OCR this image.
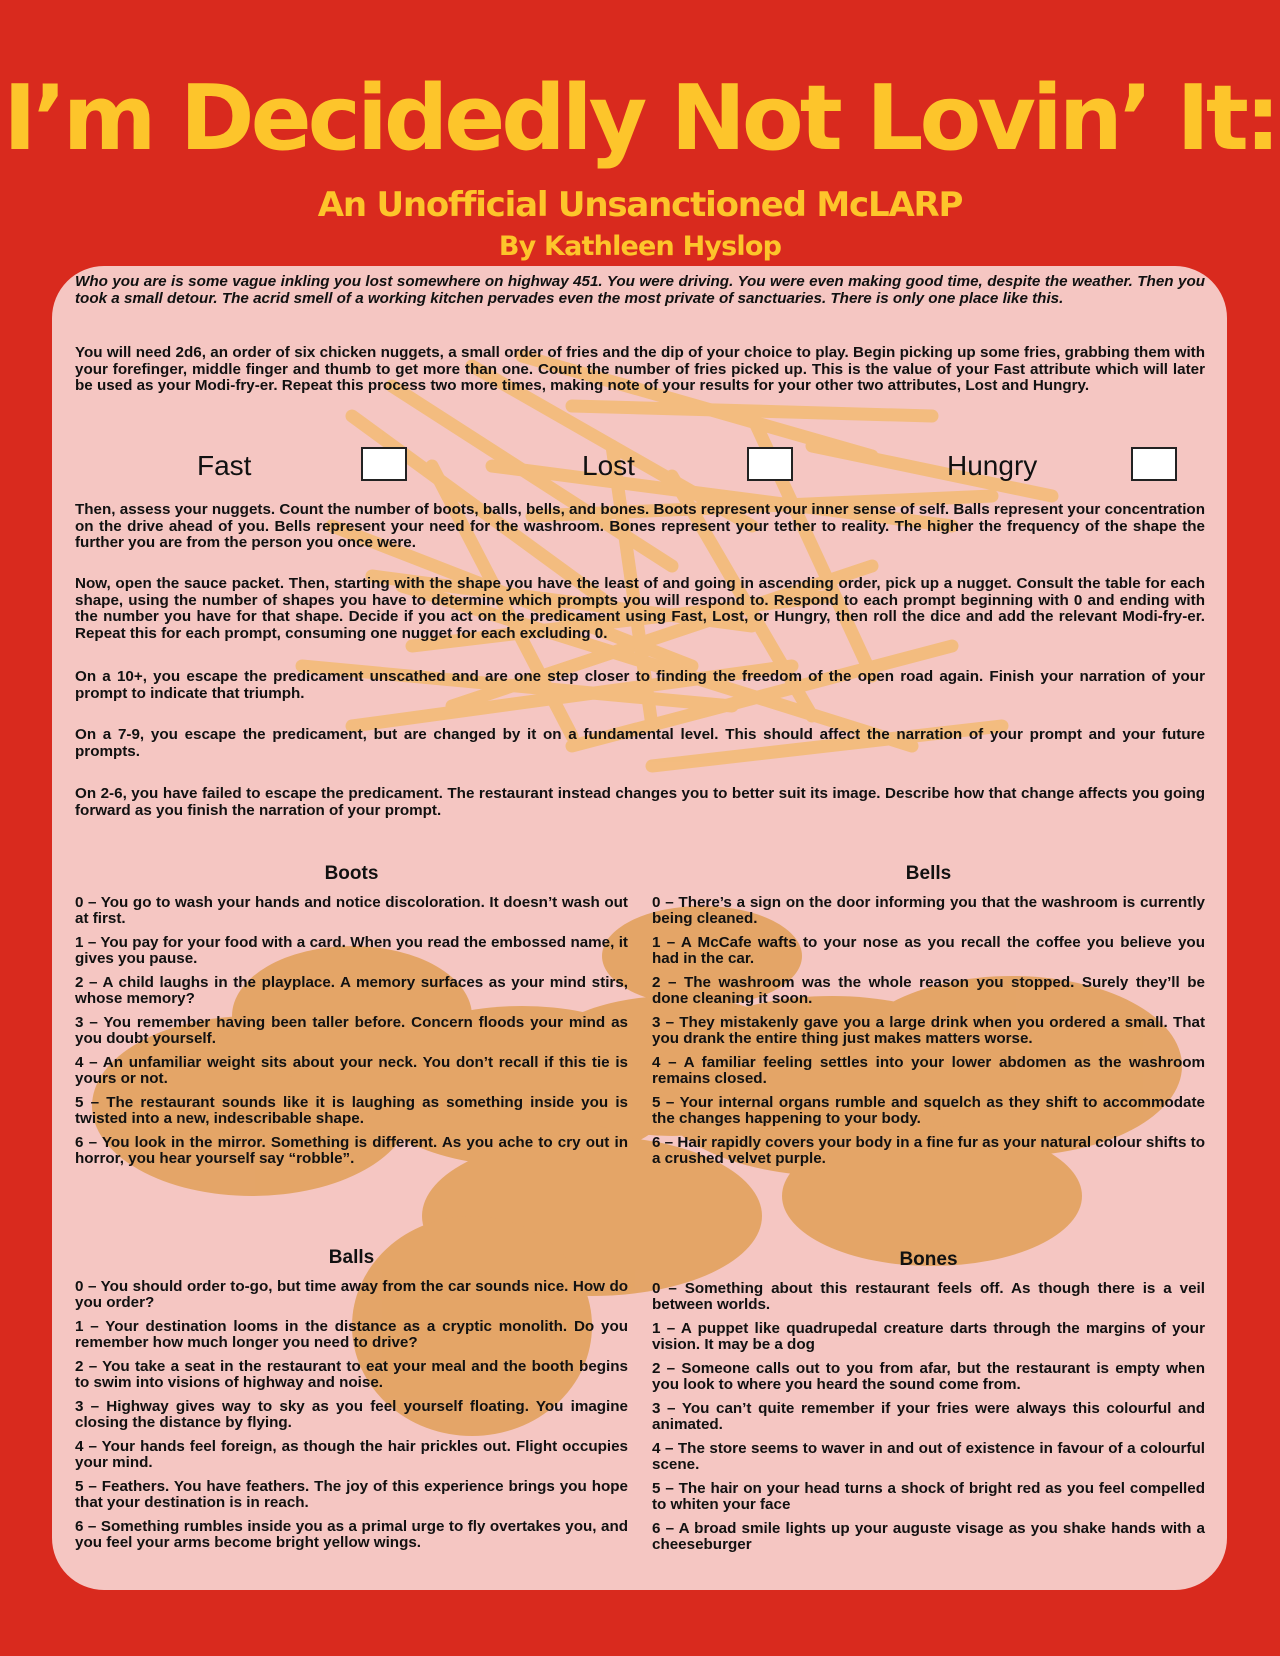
I’m Decidedly Not Lovin’ It:
An Unofficial Unsanctioned McLARP
By Kathleen Hyslop

Who you are is some vague inkling you lost somewhere on highway 451. You were driving. You were even making good time, despite the weather. Then you took a small detour. The acrid smell of a working kitchen pervades even the most private of sanctuaries. There is only one place like this.

You will need 2d6, an order of six chicken nuggets, a small order of fries and the dip of your choice to play. Begin picking up some fries, grabbing them with your forefinger, middle finger and thumb to get more than one. Count the number of fries picked up. This is the value of your Fast attribute which will later be used as your Modi-fry-er. Repeat this process two more times, making note of your results for your other two attributes, Lost and Hungry.

Fast	Lost	Hungry

Then, assess your nuggets. Count the number of boots, balls, bells, and bones. Boots represent your inner sense of self. Balls represent your concentration on the drive ahead of you. Bells represent your need for the washroom. Bones represent your tether to reality. The higher the frequency of the shape the further you are from the person you once were.

Now, open the sauce packet. Then, starting with the shape you have the least of and going in ascending order, pick up a nugget. Consult the table for each shape, using the number of shapes you have to determine which prompts you will respond to. Respond to each prompt beginning with 0 and ending with the number you have for that shape. Decide if you act on the predicament using Fast, Lost, or Hungry, then roll the dice and add the relevant Modi-fry-er. Repeat this for each prompt, consuming one nugget for each excluding 0.

On a 10+, you escape the predicament unscathed and are one step closer to finding the freedom of the open road again. Finish your narration of your prompt to indicate that triumph.

On a 7-9, you escape the predicament, but are changed by it on a fundamental level. This should affect the narration of your prompt and your future prompts.

On 2-6, you have failed to escape the predicament. The restaurant instead changes you to better suit its image. Describe how that change affects you going forward as you finish the narration of your prompt.

Boots

0 – You go to wash your hands and notice discoloration. It doesn’t wash out at first.

1 – You pay for your food with a card. When you read the embossed name, it gives you pause.

2 – A child laughs in the playplace. A memory surfaces as your mind stirs, whose memory?

3 – You remember having been taller before. Concern floods your mind as you doubt yourself.

4 – An unfamiliar weight sits about your neck. You don’t recall if this tie is yours or not.

5 – The restaurant sounds like it is laughing as something inside you is twisted into a new, indescribable shape.

6 – You look in the mirror. Something is different. As you ache to cry out in horror, you hear yourself say “robble”.

Bells

0 – There’s a sign on the door informing you that the washroom is currently being cleaned.

1 – A McCafe wafts to your nose as you recall the coffee you believe you had in the car.

2 – The washroom was the whole reason you stopped. Surely they’ll be done cleaning it soon.

3 – They mistakenly gave you a large drink when you ordered a small. That you drank the entire thing just makes matters worse.

4 – A familiar feeling settles into your lower abdomen as the washroom remains closed.

5 – Your internal organs rumble and squelch as they shift to accommodate the changes happening to your body.

6 – Hair rapidly covers your body in a fine fur as your natural colour shifts to a crushed velvet purple.

Balls

0 – You should order to-go, but time away from the car sounds nice. How do you order?

1 – Your destination looms in the distance as a cryptic monolith. Do you remember how much longer you need to drive?

2 – You take a seat in the restaurant to eat your meal and the booth begins to swim into visions of highway and noise.

3 – Highway gives way to sky as you feel yourself floating. You imagine closing the distance by flying.

4 – Your hands feel foreign, as though the hair prickles out. Flight occupies your mind.

5 – Feathers. You have feathers. The joy of this experience brings you hope that your destination is in reach.

6 – Something rumbles inside you as a primal urge to fly overtakes you, and you feel your arms become bright yellow wings.

Bones

0 – Something about this restaurant feels off. As though there is a veil between worlds.

1 – A puppet like quadrupedal creature darts through the margins of your vision. It may be a dog

2 – Someone calls out to you from afar, but the restaurant is empty when you look to where you heard the sound come from.

3 – You can’t quite remember if your fries were always this colourful and animated.

4 – The store seems to waver in and out of existence in favour of a colourful scene.

5 – The hair on your head turns a shock of bright red as you feel compelled to whiten your face

6 – A broad smile lights up your auguste visage as you shake hands with a cheeseburger
